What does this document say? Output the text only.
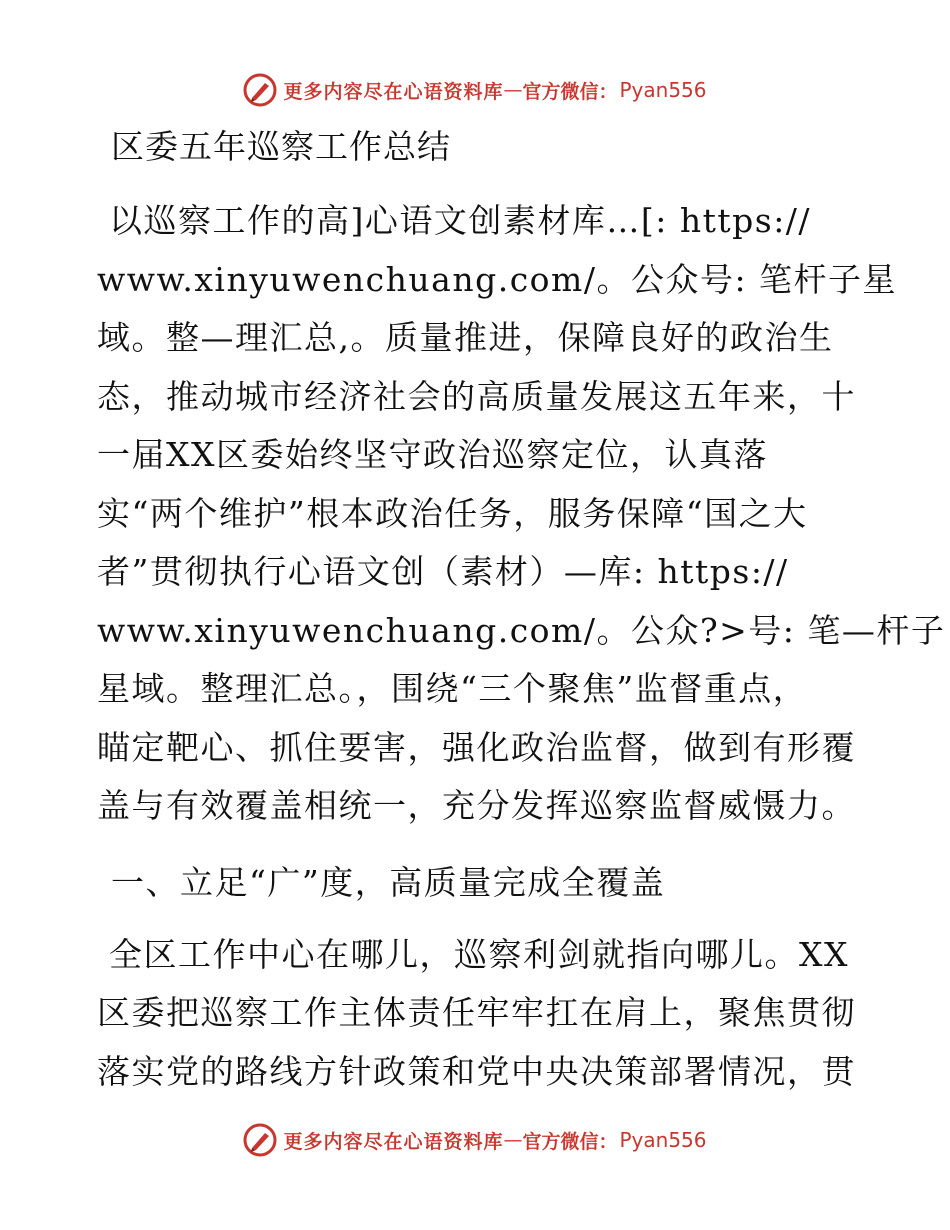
更多内容尽在心语资料库 — 官方微信： Pyan556
区委五年巡察工作总结
以巡察工作的高]心语文创素材库…[: https://
www.xinyuwenchuang.com/。公众号: 笔杆子星
域。整—理汇总,。质量推进，保障良好的政治生
态，推动城市经济社会的高质量发展这五年来，十
一届XX区委始终坚守政治巡察定位，认真落
实“两个维护”根本政治任务，服务保障“国之大
者”贯彻执行心语文创（素材）—库: https://
www.xinyuwenchuang.com/。公众?>号: 笔—杆子
星域。整理汇总。，围绕“三个聚焦”监督重点，
瞄定靶心、抓住要害，强化政治监督，做到有形覆
盖与有效覆盖相统一，充分发挥巡察监督威慑力。
一、立足“广”度，高质量完成全覆盖
全区工作中心在哪儿，巡察利剑就指向哪儿。XX
区委把巡察工作主体责任牢牢扛在肩上，聚焦贯彻
落实党的路线方针政策和党中央决策部署情况，贯
更多内容尽在心语资料库 — 官方微信： Pyan556
